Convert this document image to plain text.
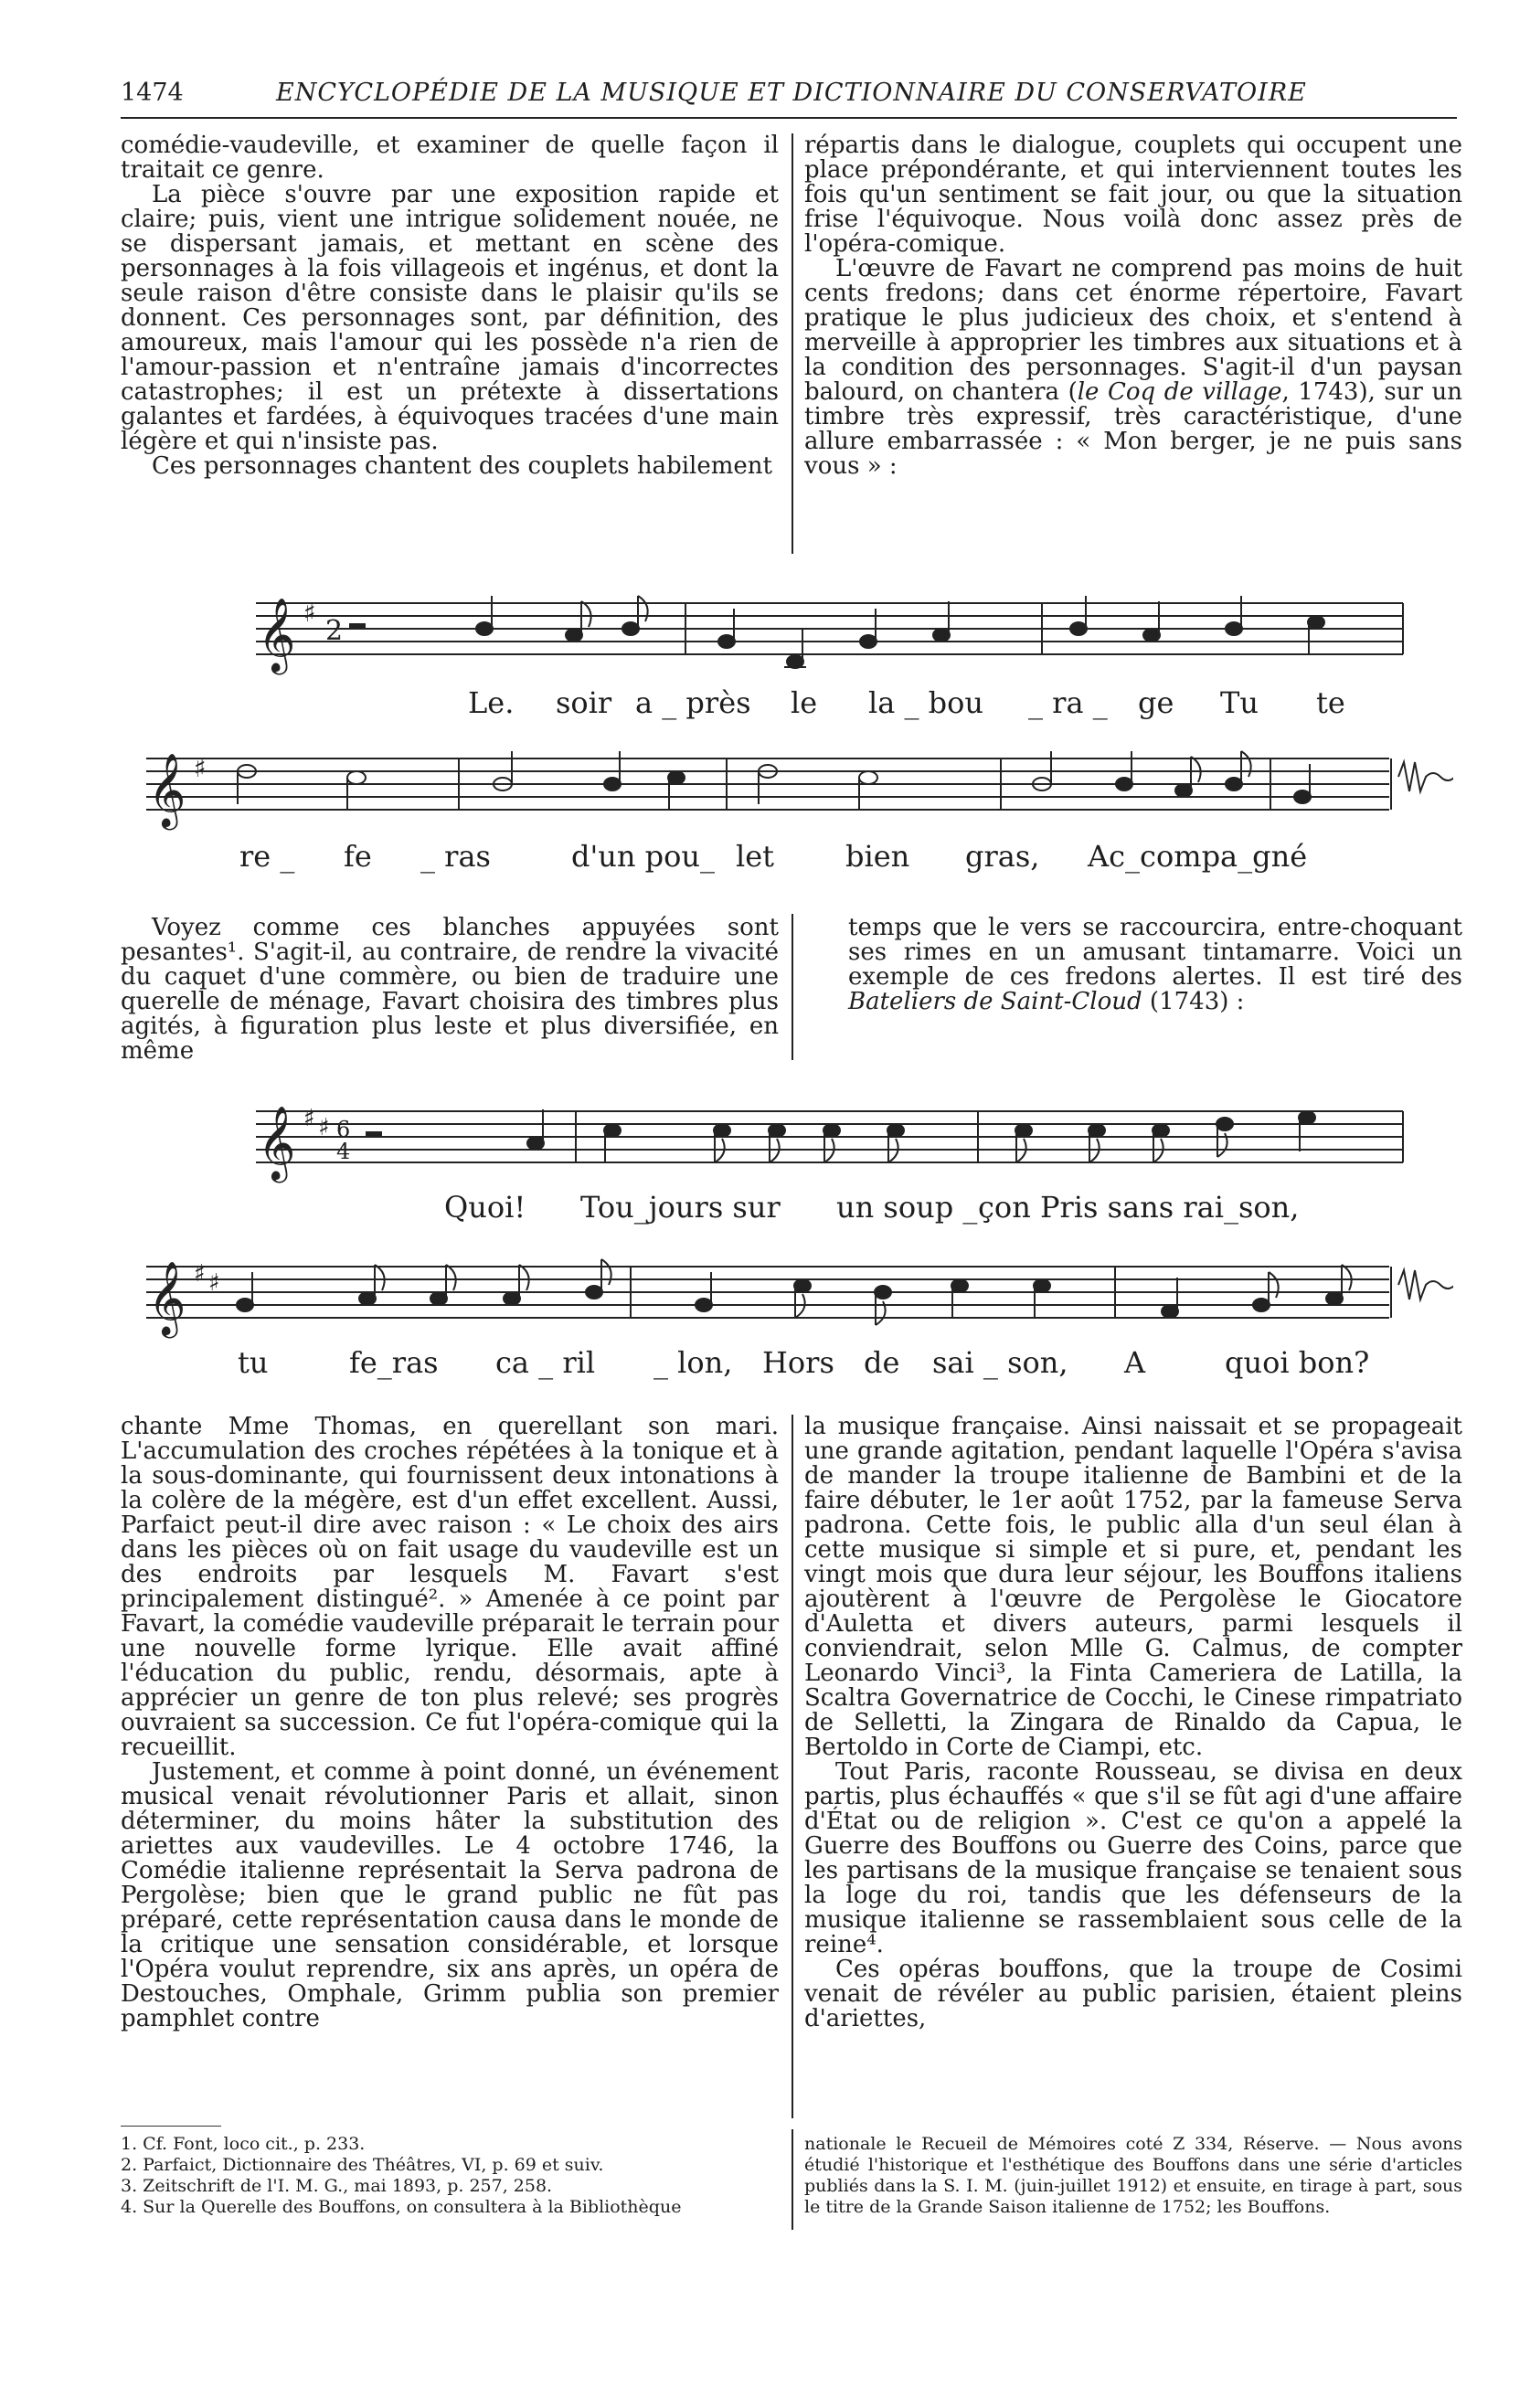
1474	ENCYCLOPÉDIE DE LA MUSIQUE ET DICTIONNAIRE DU CONSERVATOIRE

comédie-vaudeville, et examiner de quelle façon il traitait ce genre.

La pièce s'ouvre par une exposition rapide et claire; puis, vient une intrigue solidement nouée, ne se dispersant jamais, et mettant en scène des personnages à la fois villageois et ingénus, et dont la seule raison d'être consiste dans le plaisir qu'ils se donnent. Ces personnages sont, par définition, des amoureux, mais l'amour qui les possède n'a rien de l'amour-passion et n'entraîne jamais d'incorrectes catastrophes; il est un prétexte à dissertations galantes et fardées, à équivoques tracées d'une main légère et qui n'insiste pas.

Ces personnages chantent des couplets habilement

répartis dans le dialogue, couplets qui occupent une place prépondérante, et qui interviennent toutes les fois qu'un sentiment se fait jour, ou que la situation frise l'équivoque. Nous voilà donc assez près de l'opéra-comique.

L'œuvre de Favart ne comprend pas moins de huit cents fredons; dans cet énorme répertoire, Favart pratique le plus judicieux des choix, et s'entend à merveille à approprier les timbres aux situations et à la condition des personnages. S'agit-il d'un paysan balourd, on chantera (le Coq de village, 1743), sur un timbre très expressif, très caractéristique, d'une allure embarrassée : « Mon berger, je ne puis sans vous » :

𝄞 ♯
2
Le. soir a _ près le la _ bou _ ra _ ge Tu te
𝄞 ♯
re _ fe _ ras	d'un pou_ let bien gras, Ac_compa_gné

Voyez comme ces blanches appuyées sont pesantes¹. S'agit-il, au contraire, de rendre la vivacité du caquet d'une commère, ou bien de traduire une querelle de ménage, Favart choisira des timbres plus agités, à figuration plus leste et plus diversifiée, en même

temps que le vers se raccourcira, entre-choquant ses rimes en un amusant tintamarre. Voici un exemple de ces fredons alertes. Il est tiré des Bateliers de Saint-Cloud (1743) :

𝄞 ♯ ♯ 6
4
Quoi! Tou_jours sur un soup _ çon Pris sans rai_son,
𝄞 ♯ ♯
tu	fe_ras ca _ ril _ lon, Hors de sai _ son, A	quoi bon?

chante Mme Thomas, en querellant son mari. L'accumulation des croches répétées à la tonique et à la sous-dominante, qui fournissent deux intonations à la colère de la mégère, est d'un effet excellent. Aussi, Parfaict peut-il dire avec raison : « Le choix des airs dans les pièces où on fait usage du vaudeville est un des endroits par lesquels M. Favart s'est principalement distingué². » Amenée à ce point par Favart, la comédie vaudeville préparait le terrain pour une nouvelle forme lyrique. Elle avait affiné l'éducation du public, rendu, désormais, apte à apprécier un genre de ton plus relevé; ses progrès ouvraient sa succession. Ce fut l'opéra-comique qui la recueillit.

Justement, et comme à point donné, un événement musical venait révolutionner Paris et allait, sinon déterminer, du moins hâter la substitution des ariettes aux vaudevilles. Le 4 octobre 1746, la Comédie italienne représentait la Serva padrona de Pergolèse; bien que le grand public ne fût pas préparé, cette représentation causa dans le monde de la critique une sensation considérable, et lorsque l'Opéra voulut reprendre, six ans après, un opéra de Destouches, Omphale, Grimm publia son premier pamphlet contre

la musique française. Ainsi naissait et se propageait une grande agitation, pendant laquelle l'Opéra s'avisa de mander la troupe italienne de Bambini et de la faire débuter, le 1er août 1752, par la fameuse Serva padrona. Cette fois, le public alla d'un seul élan à cette musique si simple et si pure, et, pendant les vingt mois que dura leur séjour, les Bouffons italiens ajoutèrent à l'œuvre de Pergolèse le Giocatore d'Auletta et divers auteurs, parmi lesquels il conviendrait, selon Mlle G. Calmus, de compter Leonardo Vinci³, la Finta Cameriera de Latilla, la Scaltra Governatrice de Cocchi, le Cinese rimpatriato de Selletti, la Zingara de Rinaldo da Capua, le Bertoldo in Corte de Ciampi, etc.

Tout Paris, raconte Rousseau, se divisa en deux partis, plus échauffés « que s'il se fût agi d'une affaire d'État ou de religion ». C'est ce qu'on a appelé la Guerre des Bouffons ou Guerre des Coins, parce que les partisans de la musique française se tenaient sous la loge du roi, tandis que les défenseurs de la musique italienne se rassemblaient sous celle de la reine⁴.

Ces opéras bouffons, que la troupe de Cosimi venait de révéler au public parisien, étaient pleins d'ariettes,

1. Cf. Font, loco cit., p. 233.

2. Parfaict, Dictionnaire des Théâtres, VI, p. 69 et suiv.

3. Zeitschrift de l'I. M. G., mai 1893, p. 257, 258.

4. Sur la Querelle des Bouffons, on consultera à la Bibliothèque

nationale le Recueil de Mémoires coté Z 334, Réserve. — Nous avons étudié l'historique et l'esthétique des Bouffons dans une série d'articles publiés dans la S. I. M. (juin-juillet 1912) et ensuite, en tirage à part, sous le titre de la Grande Saison italienne de 1752; les Bouffons.
